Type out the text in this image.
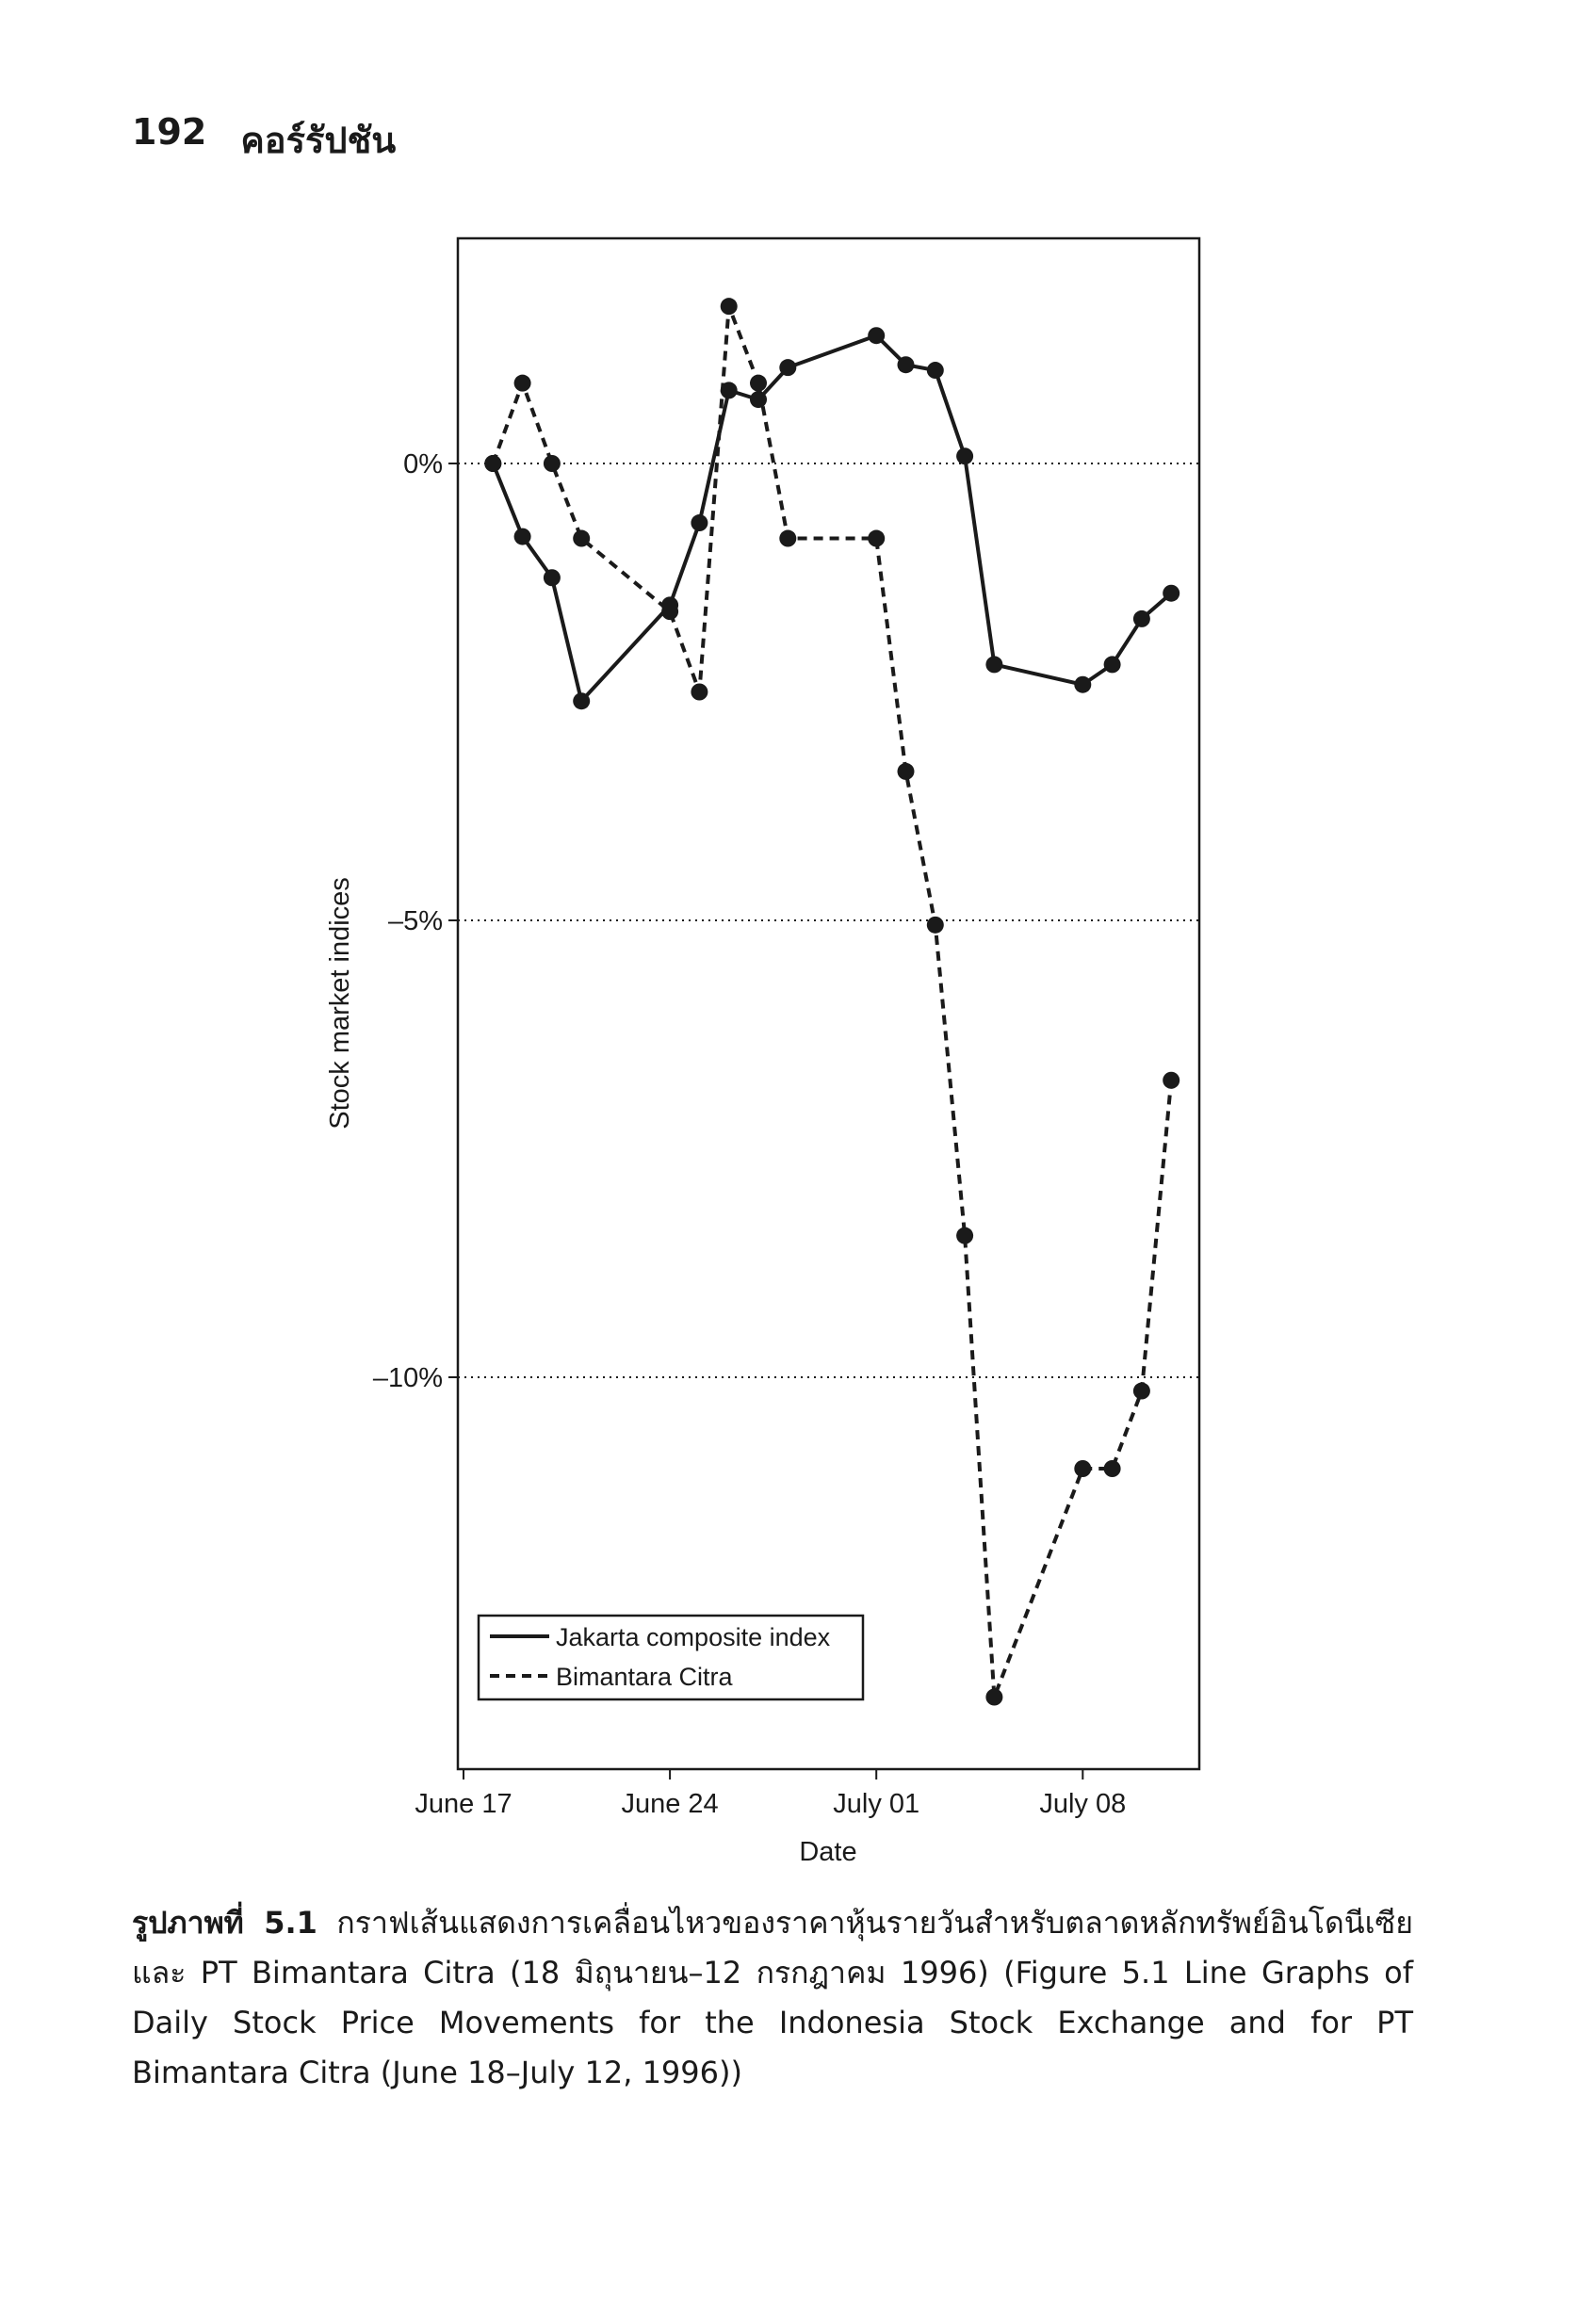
192 คอร์รัปชัน
0%
–5%
–10%
June 17	June 24	July 01	July 08
Date
Stock market indices
Jakarta composite index
Bimantara Citra
รูปภาพที่ 5.1 กราฟเส้นแสดงการเคลื่อนไหวของราคาหุ้นรายวันสำหรับตลาดหลักทรัพย์อินโดนีเซีย และ PT Bimantara Citra (18 มิถุนายน–12 กรกฎาคม 1996) (Figure 5.1 Line Graphs of Daily Stock Price Movements for the Indonesia Stock Exchange and for PT Bimantara Citra (June 18–July 12, 1996))
